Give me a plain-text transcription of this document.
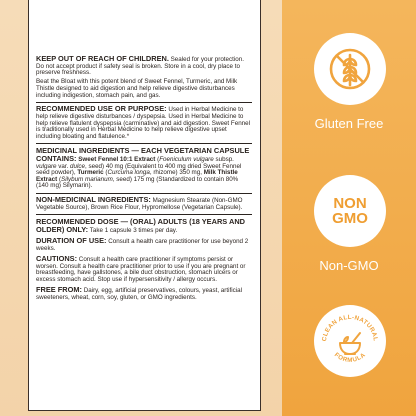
KEEP OUT OF REACH OF CHILDREN. Sealed for your protection. Do not accept product if safety seal is broken. Store in a cool, dry place to preserve freshness.

Beat the Bloat with this potent blend of Sweet Fennel, Turmeric, and Milk Thistle designed to aid digestion and help relieve digestive disturbances including indigestion, stomach pain, and gas.

RECOMMENDED USE OR PURPOSE: Used in Herbal Medicine to help relieve digestive disturbances / dyspepsia. Used in Herbal Medicine to help relieve flatulent dyspepsia (carminative) and aid digestion. Sweet Fennel is traditionally used in Herbal Medicine to help relieve digestive upset including bloating and flatulence.*

MEDICINAL INGREDIENTS — EACH VEGETARIAN CAPSULE CONTAINS: Sweet Fennel 10:1 Extract (Foeniculum vulgare subsp. vulgare var. dulce, seed) 40 mg (Equivalent to 400 mg dried Sweet Fennel seed powder), Turmeric (Curcuma longa, rhizome) 350 mg, Milk Thistle Extract (Silybum marianum, seed) 175 mg (Standardized to contain 80% (140 mg) Silymarin).

NON-MEDICINAL INGREDIENTS: Magnesium Stearate (Non-GMO Vegetable Source), Brown Rice Flour, Hypromellose (Vegetarian Capsule).

RECOMMENDED DOSE — (ORAL) ADULTS (18 YEARS AND OLDER) ONLY: Take 1 capsule 3 times per day.

DURATION OF USE: Consult a health care practitioner for use beyond 2 weeks.

CAUTIONS: Consult a health care practitioner if symptoms persist or worsen. Consult a health care practitioner prior to use if you are pregnant or breastfeeding, have gallstones, a bile duct obstruction, stomach ulcers or excess stomach acid. Stop use if hypersensitivity / allergy occurs.

FREE FROM: Dairy, egg, artificial preservatives, colours, yeast, artificial sweeteners, wheat, corn, soy, gluten, or GMO ingredients.

Gluten Free
NON
GMO
Non-GMO
CLEAN ALL-NATURAL
FORMULA
